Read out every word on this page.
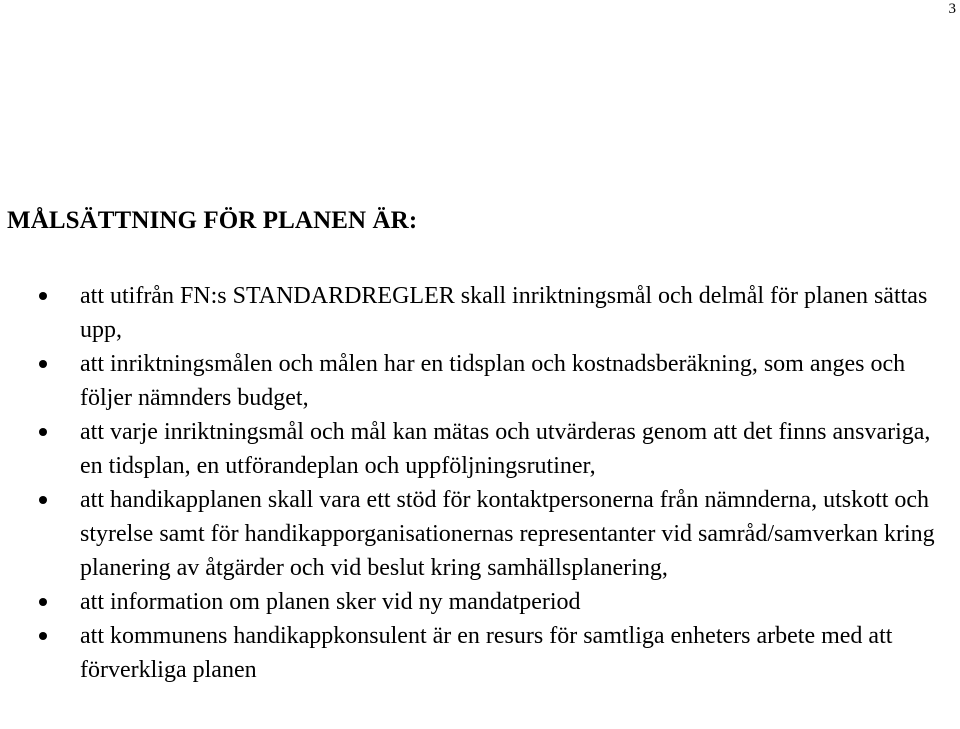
3
MÅLSÄTTNING FÖR PLANEN ÄR:
att utifrån FN:s STANDARDREGLER skall inriktningsmål och delmål för planen sättas upp,
att inriktningsmålen och målen har en tidsplan och kostnadsberäkning, som anges och följer nämnders budget,
att varje inriktningsmål och mål kan mätas och utvärderas genom att det finns ansvariga, en tidsplan, en utförandeplan och uppföljningsrutiner,
att handikapplanen skall vara ett stöd för kontaktpersonerna från nämnderna, utskott och styrelse samt för handikapporganisationernas representanter vid samråd/samverkan kring planering av åtgärder och vid beslut kring samhällsplanering,
att information om planen sker vid ny mandatperiod
att kommunens handikappkonsulent är en resurs för samtliga enheters arbete med att förverkliga planen
